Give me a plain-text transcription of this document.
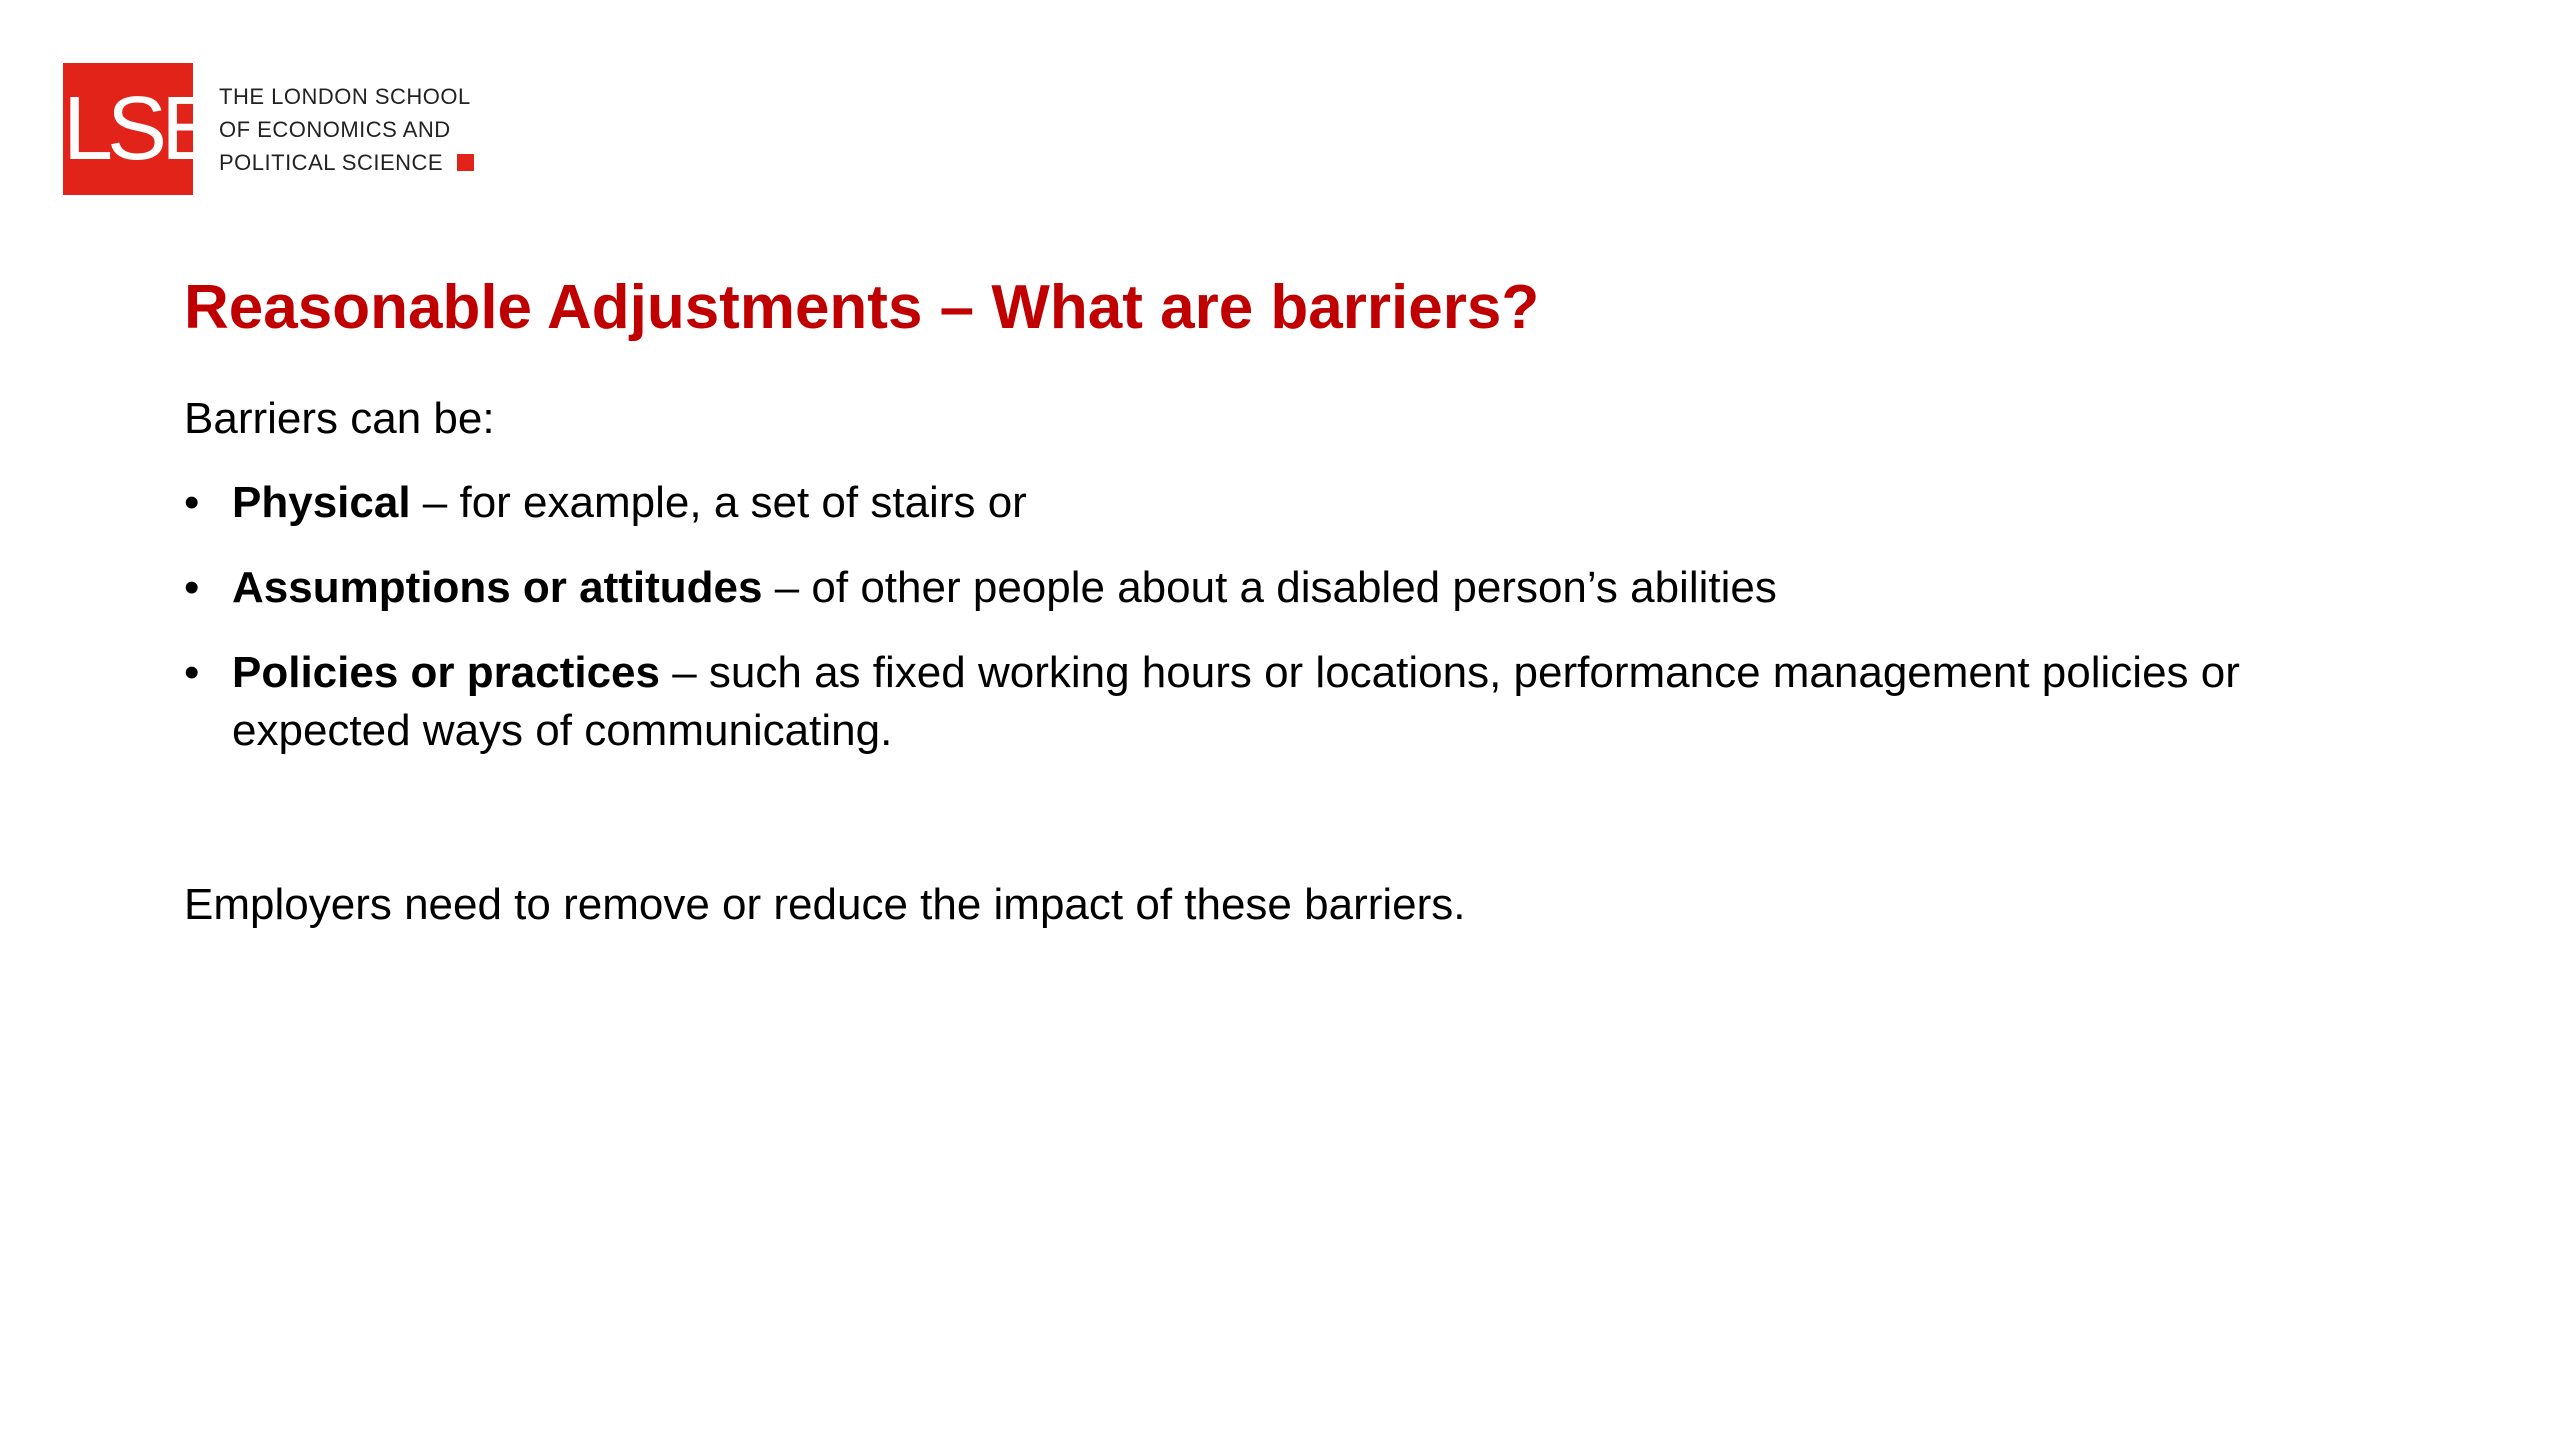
LSE THE LONDON SCHOOL
OF ECONOMICS AND
POLITICAL SCIENCE
Reasonable Adjustments – What are barriers?

Barriers can be:

• Physical – for example, a set of stairs or
• Assumptions or attitudes – of other people about a disabled person’s abilities
• Policies or practices – such as fixed working hours or locations, performance management policies or expected ways of communicating.

Employers need to remove or reduce the impact of these barriers.
